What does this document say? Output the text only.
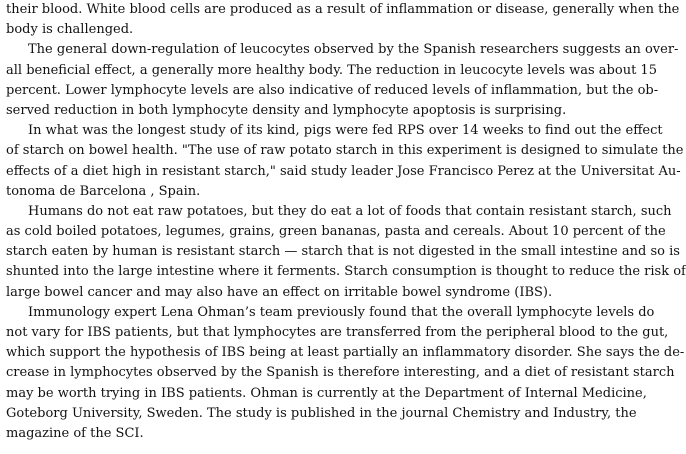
their blood. White blood cells are produced as a result of inflammation or disease, generally when the
body is challenged.
The general down-regulation of leucocytes observed by the Spanish researchers suggests an over-
all beneficial effect, a generally more healthy body. The reduction in leucocyte levels was about 15
percent. Lower lymphocyte levels are also indicative of reduced levels of inflammation, but the ob-
served reduction in both lymphocyte density and lymphocyte apoptosis is surprising.
In what was the longest study of its kind, pigs were fed RPS over 14 weeks to find out the effect
of starch on bowel health. "The use of raw potato starch in this experiment is designed to simulate the
effects of a diet high in resistant starch," said study leader Jose Francisco Perez at the Universitat Au-
tonoma de Barcelona , Spain.
Humans do not eat raw potatoes, but they do eat a lot of foods that contain resistant starch, such
as cold boiled potatoes, legumes, grains, green bananas, pasta and cereals. About 10 percent of the
starch eaten by human is resistant starch — starch that is not digested in the small intestine and so is
shunted into the large intestine where it ferments. Starch consumption is thought to reduce the risk of
large bowel cancer and may also have an effect on irritable bowel syndrome (IBS).
Immunology expert Lena Ohman’s team previously found that the overall lymphocyte levels do
not vary for IBS patients, but that lymphocytes are transferred from the peripheral blood to the gut,
which support the hypothesis of IBS being at least partially an inflammatory disorder. She says the de-
crease in lymphocytes observed by the Spanish is therefore interesting, and a diet of resistant starch
may be worth trying in IBS patients. Ohman is currently at the Department of Internal Medicine,
Goteborg University, Sweden. The study is published in the journal Chemistry and Industry, the
magazine of the SCI.
